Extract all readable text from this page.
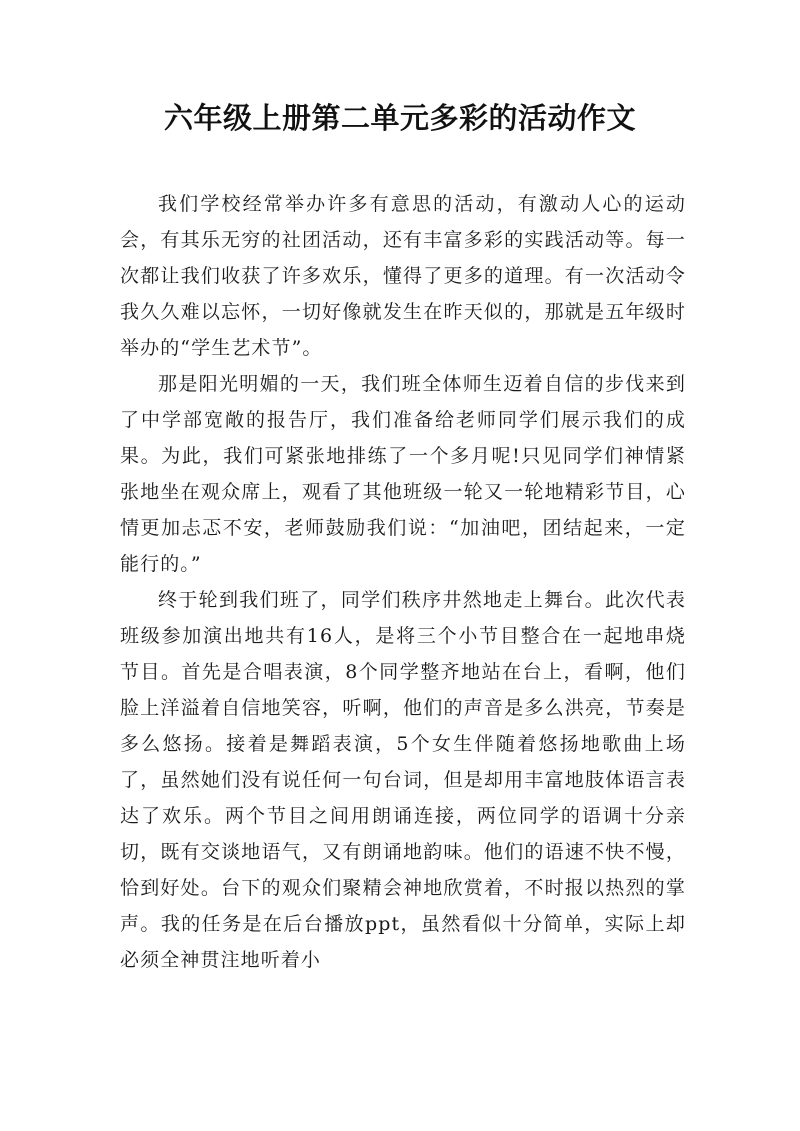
六年级上册第二单元多彩的活动作文

我们学校经常举办许多有意思的活动，有激动人心的运动会，有其乐无穷的社团活动，还有丰富多彩的实践活动等。每一次都让我们收获了许多欢乐，懂得了更多的道理。有一次活动令我久久难以忘怀，一切好像就发生在昨天似的，那就是五年级时举办的“学生艺术节”。

那是阳光明媚的一天，我们班全体师生迈着自信的步伐来到了中学部宽敞的报告厅，我们准备给老师同学们展示我们的成果。为此，我们可紧张地排练了一个多月呢!只见同学们神情紧张地坐在观众席上，观看了其他班级一轮又一轮地精彩节目，心情更加忐忑不安，老师鼓励我们说：“加油吧，团结起来，一定能行的。”

终于轮到我们班了，同学们秩序井然地走上舞台。此次代表班级参加演出地共有16人，是将三个小节目整合在一起地串烧节目。首先是合唱表演，8个同学整齐地站在台上，看啊，他们脸上洋溢着自信地笑容，听啊，他们的声音是多么洪亮，节奏是多么悠扬。接着是舞蹈表演，5个女生伴随着悠扬地歌曲上场了，虽然她们没有说任何一句台词，但是却用丰富地肢体语言表达了欢乐。两个节目之间用朗诵连接，两位同学的语调十分亲切，既有交谈地语气，又有朗诵地韵味。他们的语速不快不慢，恰到好处。台下的观众们聚精会神地欣赏着，不时报以热烈的掌声。我的任务是在后台播放ppt，虽然看似十分简单，实际上却必须全神贯注地听着小
